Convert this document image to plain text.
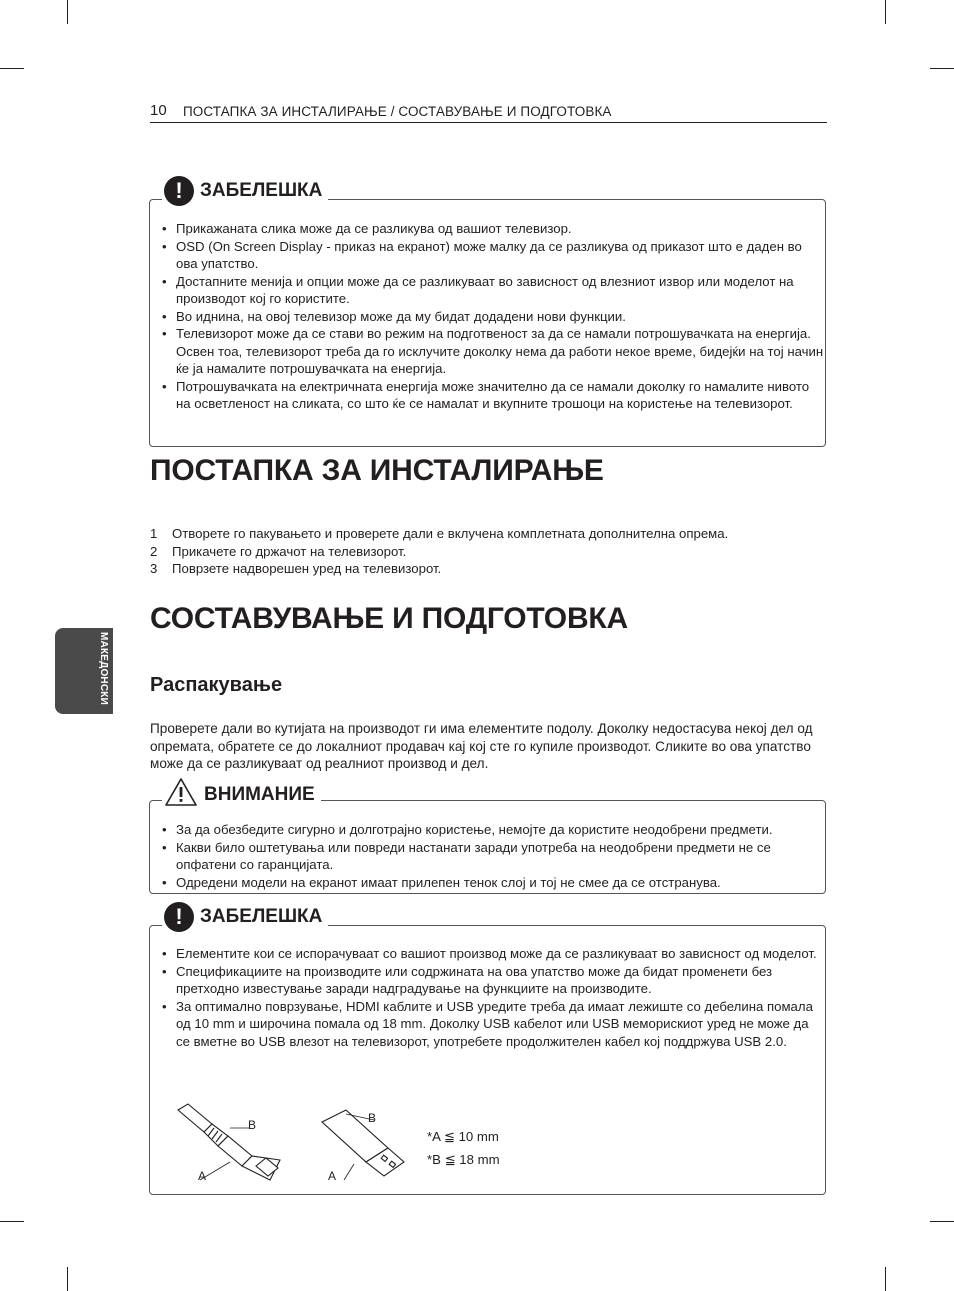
10 ПОСТАПКА ЗА ИНСТАЛИРАЊЕ / СОСТАВУВАЊЕ И ПОДГОТОВКА
! ЗАБЕЛЕШКА
• Прикажаната слика може да се разликува од вашиот телевизор.
• OSD (On Screen Display - приказ на екранот) може малку да се разликува од приказот што е даден во ова упатство.
• Достапните менија и опции може да се разликуваат во зависност од влезниот извор или моделот на производот кој го користите.
• Во иднина, на овој телевизор може да му бидат додадени нови функции.
• Телевизорот може да се стави во режим на подготвеност за да се намали потрошувачката на енергија. Освен тоа, телевизорот треба да го исклучите доколку нема да работи некое време, бидејќи на тој начин ќе ја намалите потрошувачката на енергија.
• Потрошувачката на електричната енергија може значително да се намали доколку го намалите нивото на осветленост на сликата, со што ќе се намалат и вкупните трошоци на користење на телевизорот.
ПОСТАПКА ЗА ИНСТАЛИРАЊЕ
1	Отворете го пакувањето и проверете дали е вклучена комплетната дополнителна опрема.
2	Прикачете го држачот на телевизорот.
3	Поврзете надворешен уред на телевизорот.
СОСТАВУВАЊЕ И ПОДГОТОВКА
Распакување

Проверете дали во кутијата на производот ги има елементите подолу. Доколку недостасува некој дел од опремата, обратете се до локалниот продавач кај кој сте го купиле производот. Сликите во ова упатство може да се разликуваат од реалниот производ и дел.

МАКЕДОНСКИ
ВНИМАНИЕ
• За да обезбедите сигурно и долготрајно користење, немојте да користите неодобрени предмети.
• Какви било оштетувања или повреди настанати заради употреба на неодобрени предмети не се опфатени со гаранцијата.
• Одредени модели на екранот имаат прилепен тенок слој и тој не смее да се отстранува.
! ЗАБЕЛЕШКА
• Елементите кои се испорачуваат со вашиот производ може да се разликуваат во зависност од моделот.
• Спецификациите на производите или содржината на ова упатство може да бидат променети без претходно известување заради надградување на функциите на производите.
• За оптимално поврзување, HDMI каблите и USB уредите треба да имаат лежиште со дебелина помала од 10 mm и широчина помала од 18 mm. Доколку USB кабелот или USB меморискиот уред не може да се вметне во USB влезот на телевизорот, употребете продолжителен кабел кој поддржува USB 2.0.
B
A
B
A
*A ≦ 10 mm
*B ≦ 18 mm
